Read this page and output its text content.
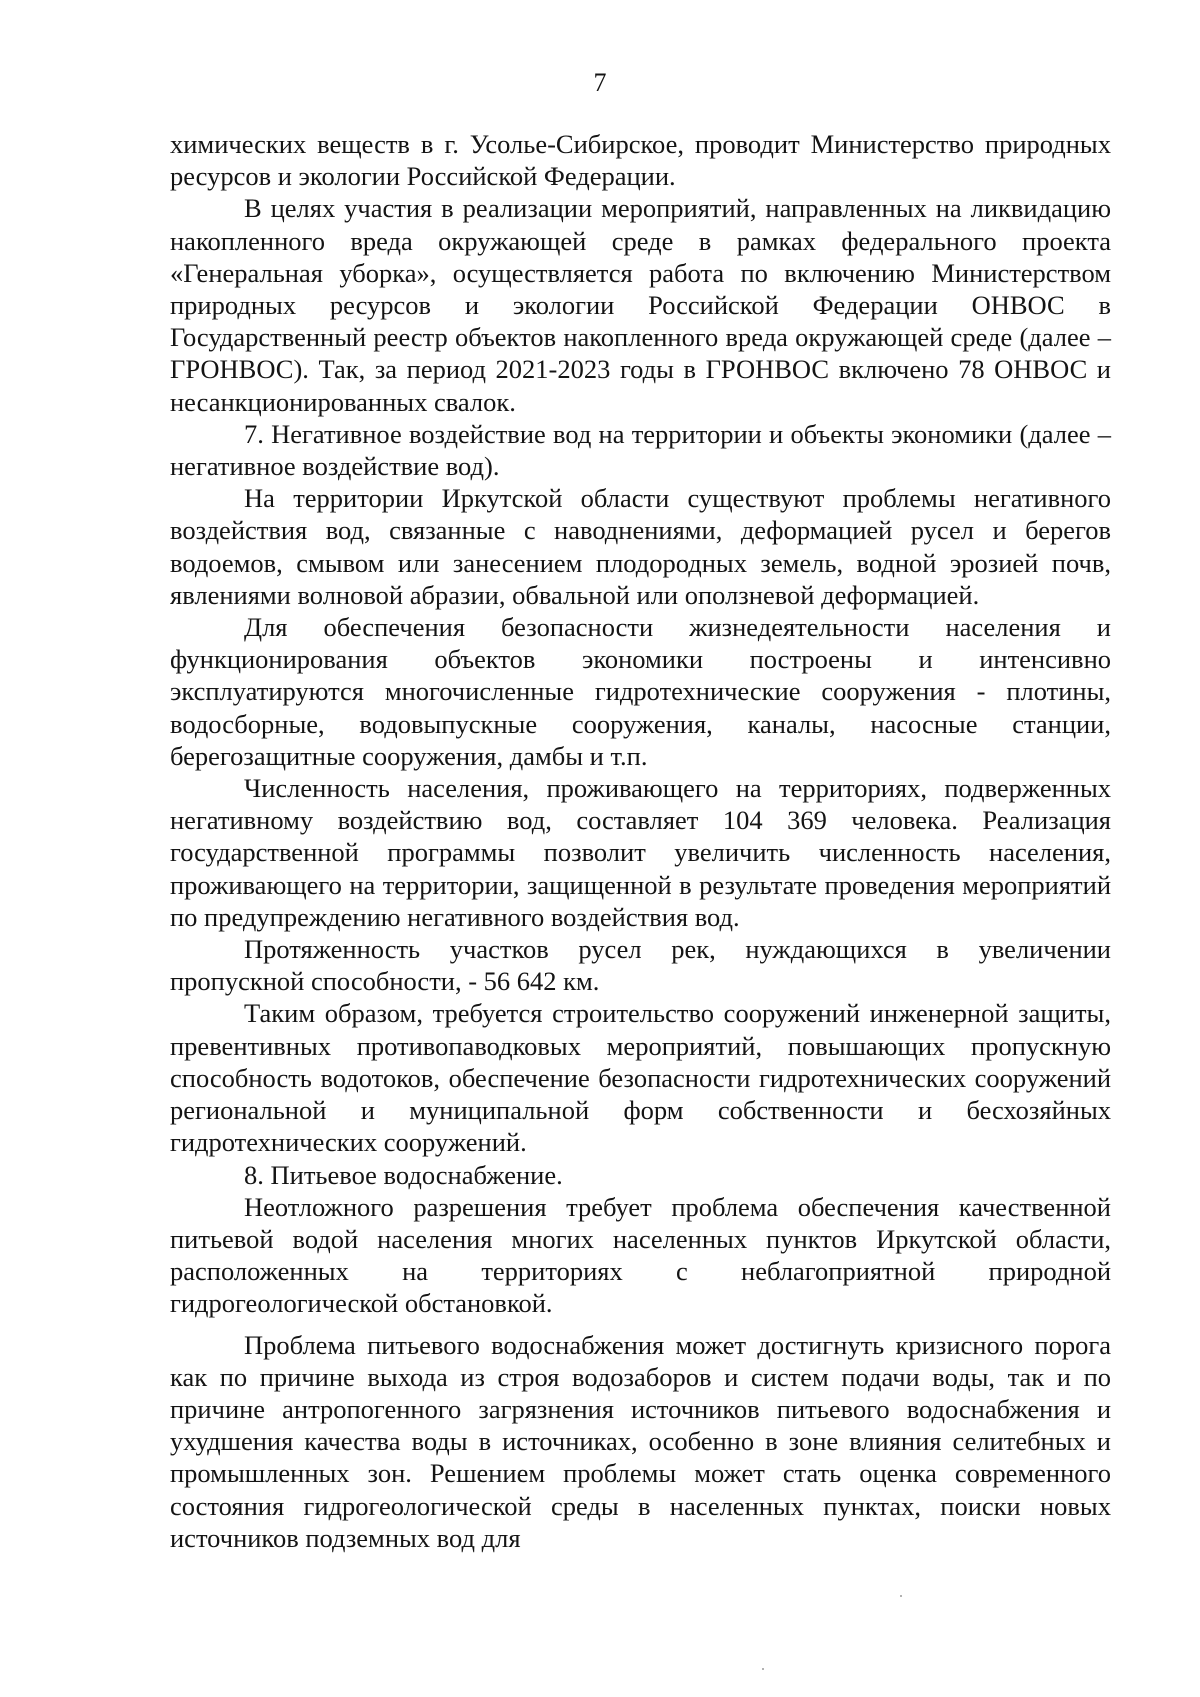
7

химических веществ в г. Усолье-Сибирское, проводит Министерство природных ресурсов и экологии Российской Федерации.

В целях участия в реализации мероприятий, направленных на ликвидацию накопленного вреда окружающей среде в рамках федерального проекта «Генеральная уборка», осуществляется работа по включению Министерством природных ресурсов и экологии Российской Федерации ОНВОС в Государственный реестр объектов накопленного вреда окружающей среде (далее – ГРОНВОС). Так, за период 2021-2023 годы в ГРОНВОС включено 78 ОНВОС и несанкционированных свалок.

7. Негативное воздействие вод на территории и объекты экономики (далее – негативное воздействие вод).

На территории Иркутской области существуют проблемы негативного воздействия вод, связанные с наводнениями, деформацией русел и берегов водоемов, смывом или занесением плодородных земель, водной эрозией почв, явлениями волновой абразии, обвальной или оползневой деформацией.

Для обеспечения безопасности жизнедеятельности населения и функционирования объектов экономики построены и интенсивно эксплуатируются многочисленные гидротехнические сооружения - плотины, водосборные, водовыпускные сооружения, каналы, насосные станции, берегозащитные сооружения, дамбы и т.п.

Численность населения, проживающего на территориях, подверженных негативному воздействию вод, составляет 104 369 человека. Реализация государственной программы позволит увеличить численность населения, проживающего на территории, защищенной в результате проведения мероприятий по предупреждению негативного воздействия вод.

Протяженность участков русел рек, нуждающихся в увеличении пропускной способности, - 56 642 км.

Таким образом, требуется строительство сооружений инженерной защиты, превентивных противопаводковых мероприятий, повышающих пропускную способность водотоков, обеспечение безопасности гидротехнических сооружений региональной и муниципальной форм собственности и бесхозяйных гидротехнических сооружений.

8. Питьевое водоснабжение.

Неотложного разрешения требует проблема обеспечения качественной питьевой водой населения многих населенных пунктов Иркутской области, расположенных на территориях с неблагоприятной природной гидрогеологической обстановкой.

Проблема питьевого водоснабжения может достигнуть кризисного порога как по причине выхода из строя водозаборов и систем подачи воды, так и по причине антропогенного загрязнения источников питьевого водоснабжения и ухудшения качества воды в источниках, особенно в зоне влияния селитебных и промышленных зон. Решением проблемы может стать оценка современного состояния гидрогеологической среды в населенных пунктах, поиски новых источников подземных вод для
